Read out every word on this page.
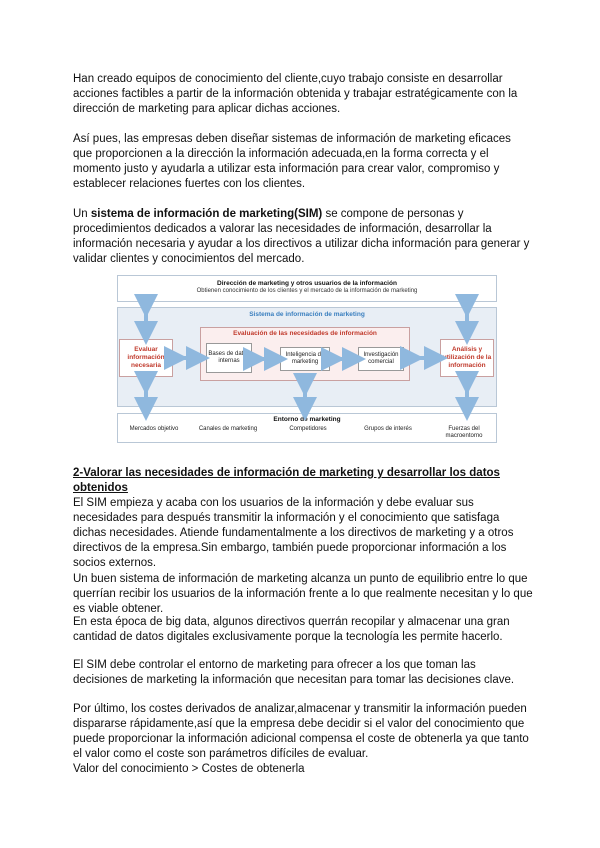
Han creado equipos de conocimiento del cliente,cuyo trabajo consiste en desarrollar acciones factibles a partir de la información obtenida y trabajar estratégicamente con la dirección de marketing para aplicar dichas acciones.

Así pues, las empresas deben diseñar sistemas de información de marketing eficaces que proporcionen a la dirección la información adecuada,en la forma correcta y el momento justo y ayudarla a utilizar esta información para crear valor, compromiso y establecer relaciones fuertes con los clientes.

Un sistema de información de marketing(SIM) se compone de personas y procedimientos dedicados a valorar las necesidades de información, desarrollar la información necesaria y ayudar a los directivos a utilizar dicha información para generar y validar clientes y conocimientos del mercado.

Dirección de marketing y otros usuarios de la información
Obtienen conocimiento de los clientes y el mercado de la información de marketing
Sistema de información de marketing
Evaluación de las necesidades de información
Evaluar información necesaria
Análisis y utilización de la información
Bases de datos internas
Inteligencia de marketing
Investigación comercial
Entorno de marketing
Mercados objetivo	Canales de marketing	Competidores	Grupos de interés	Fuerzas del macroentorno

2-Valorar las necesidades de información de marketing y desarrollar los datos obtenidos

El SIM empieza y acaba con los usuarios de la información y debe evaluar sus necesidades para después transmitir la información y el conocimiento que satisfaga dichas necesidades. Atiende fundamentalmente a los directivos de marketing y a otros directivos de la empresa.Sin embargo, también puede proporcionar información a los socios externos.

Un buen sistema de información de marketing alcanza un punto de equilibrio entre lo que querrían recibir los usuarios de la información frente a lo que realmente necesitan y lo que es viable obtener.

En esta época de big data, algunos directivos querrán recopilar y almacenar una gran cantidad de datos digitales exclusivamente porque la tecnología les permite hacerlo.

El SIM debe controlar el entorno de marketing para ofrecer a los que toman las decisiones de marketing la información que necesitan para tomar las decisiones clave.

Por último, los costes derivados de analizar,almacenar y transmitir la información pueden dispararse rápidamente,así que la empresa debe decidir si el valor del conocimiento que puede proporcionar la información adicional compensa el coste de obtenerla ya que tanto el valor como el coste son parámetros difíciles de evaluar.

Valor del conocimiento > Costes de obtenerla
